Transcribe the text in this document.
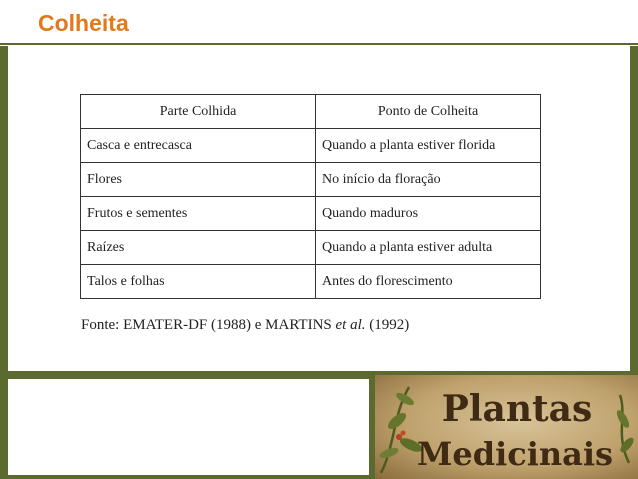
Colheita
Parte Colhida	Ponto de Colheita
Casca e entrecasca	Quando a planta estiver florida
Flores	No início da floração
Frutos e sementes	Quando maduros
Raízes	Quando a planta estiver adulta
Talos e folhas	Antes do florescimento
Fonte: EMATER-DF (1988) e MARTINS et al. (1992)
Plantas
Medicinais
